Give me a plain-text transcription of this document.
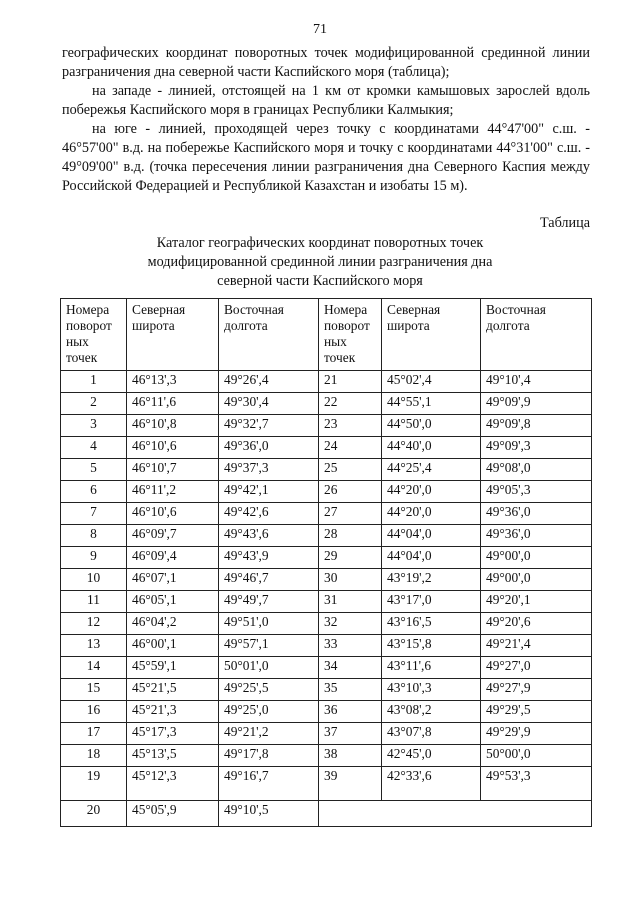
71

географических координат поворотных точек модифицированной срединной линии разграничения дна северной части Каспийского моря (таблица);

на западе - линией, отстоящей на 1 км от кромки камышовых зарослей вдоль побережья Каспийского моря в границах Республики Калмыкия;

на юге - линией, проходящей через точку с координатами 44°47'00" с.ш. - 46°57'00" в.д. на побережье Каспийского моря и точку с координатами 44°31'00" с.ш. - 49°09'00" в.д. (точка пересечения линии разграничения дна Северного Каспия между Российской Федерацией и Республикой Казахстан и изобаты 15 м).

Таблица
Каталог географических координат поворотных точек
модифицированной срединной линии разграничения дна
северной части Каспийского моря
Номера поворот ных точек	Северная широта	Восточная долгота	Номера поворот ных точек	Северная широта	Восточная долгота
1	46°13',3	49°26',4	21	45°02',4	49°10',4
2	46°11',6	49°30',4	22	44°55',1	49°09',9
3	46°10',8	49°32',7	23	44°50',0	49°09',8
4	46°10',6	49°36',0	24	44°40',0	49°09',3
5	46°10',7	49°37',3	25	44°25',4	49°08',0
6	46°11',2	49°42',1	26	44°20',0	49°05',3
7	46°10',6	49°42',6	27	44°20',0	49°36',0
8	46°09',7	49°43',6	28	44°04',0	49°36',0
9	46°09',4	49°43',9	29	44°04',0	49°00',0
10	46°07',1	49°46',7	30	43°19',2	49°00',0
11	46°05',1	49°49',7	31	43°17',0	49°20',1
12	46°04',2	49°51',0	32	43°16',5	49°20',6
13	46°00',1	49°57',1	33	43°15',8	49°21',4
14	45°59',1	50°01',0	34	43°11',6	49°27',0
15	45°21',5	49°25',5	35	43°10',3	49°27',9
16	45°21',3	49°25',0	36	43°08',2	49°29',5
17	45°17',3	49°21',2	37	43°07',8	49°29',9
18	45°13',5	49°17',8	38	42°45',0	50°00',0
19	45°12',3	49°16',7	39	42°33',6	49°53',3
20	45°05',9	49°10',5			
